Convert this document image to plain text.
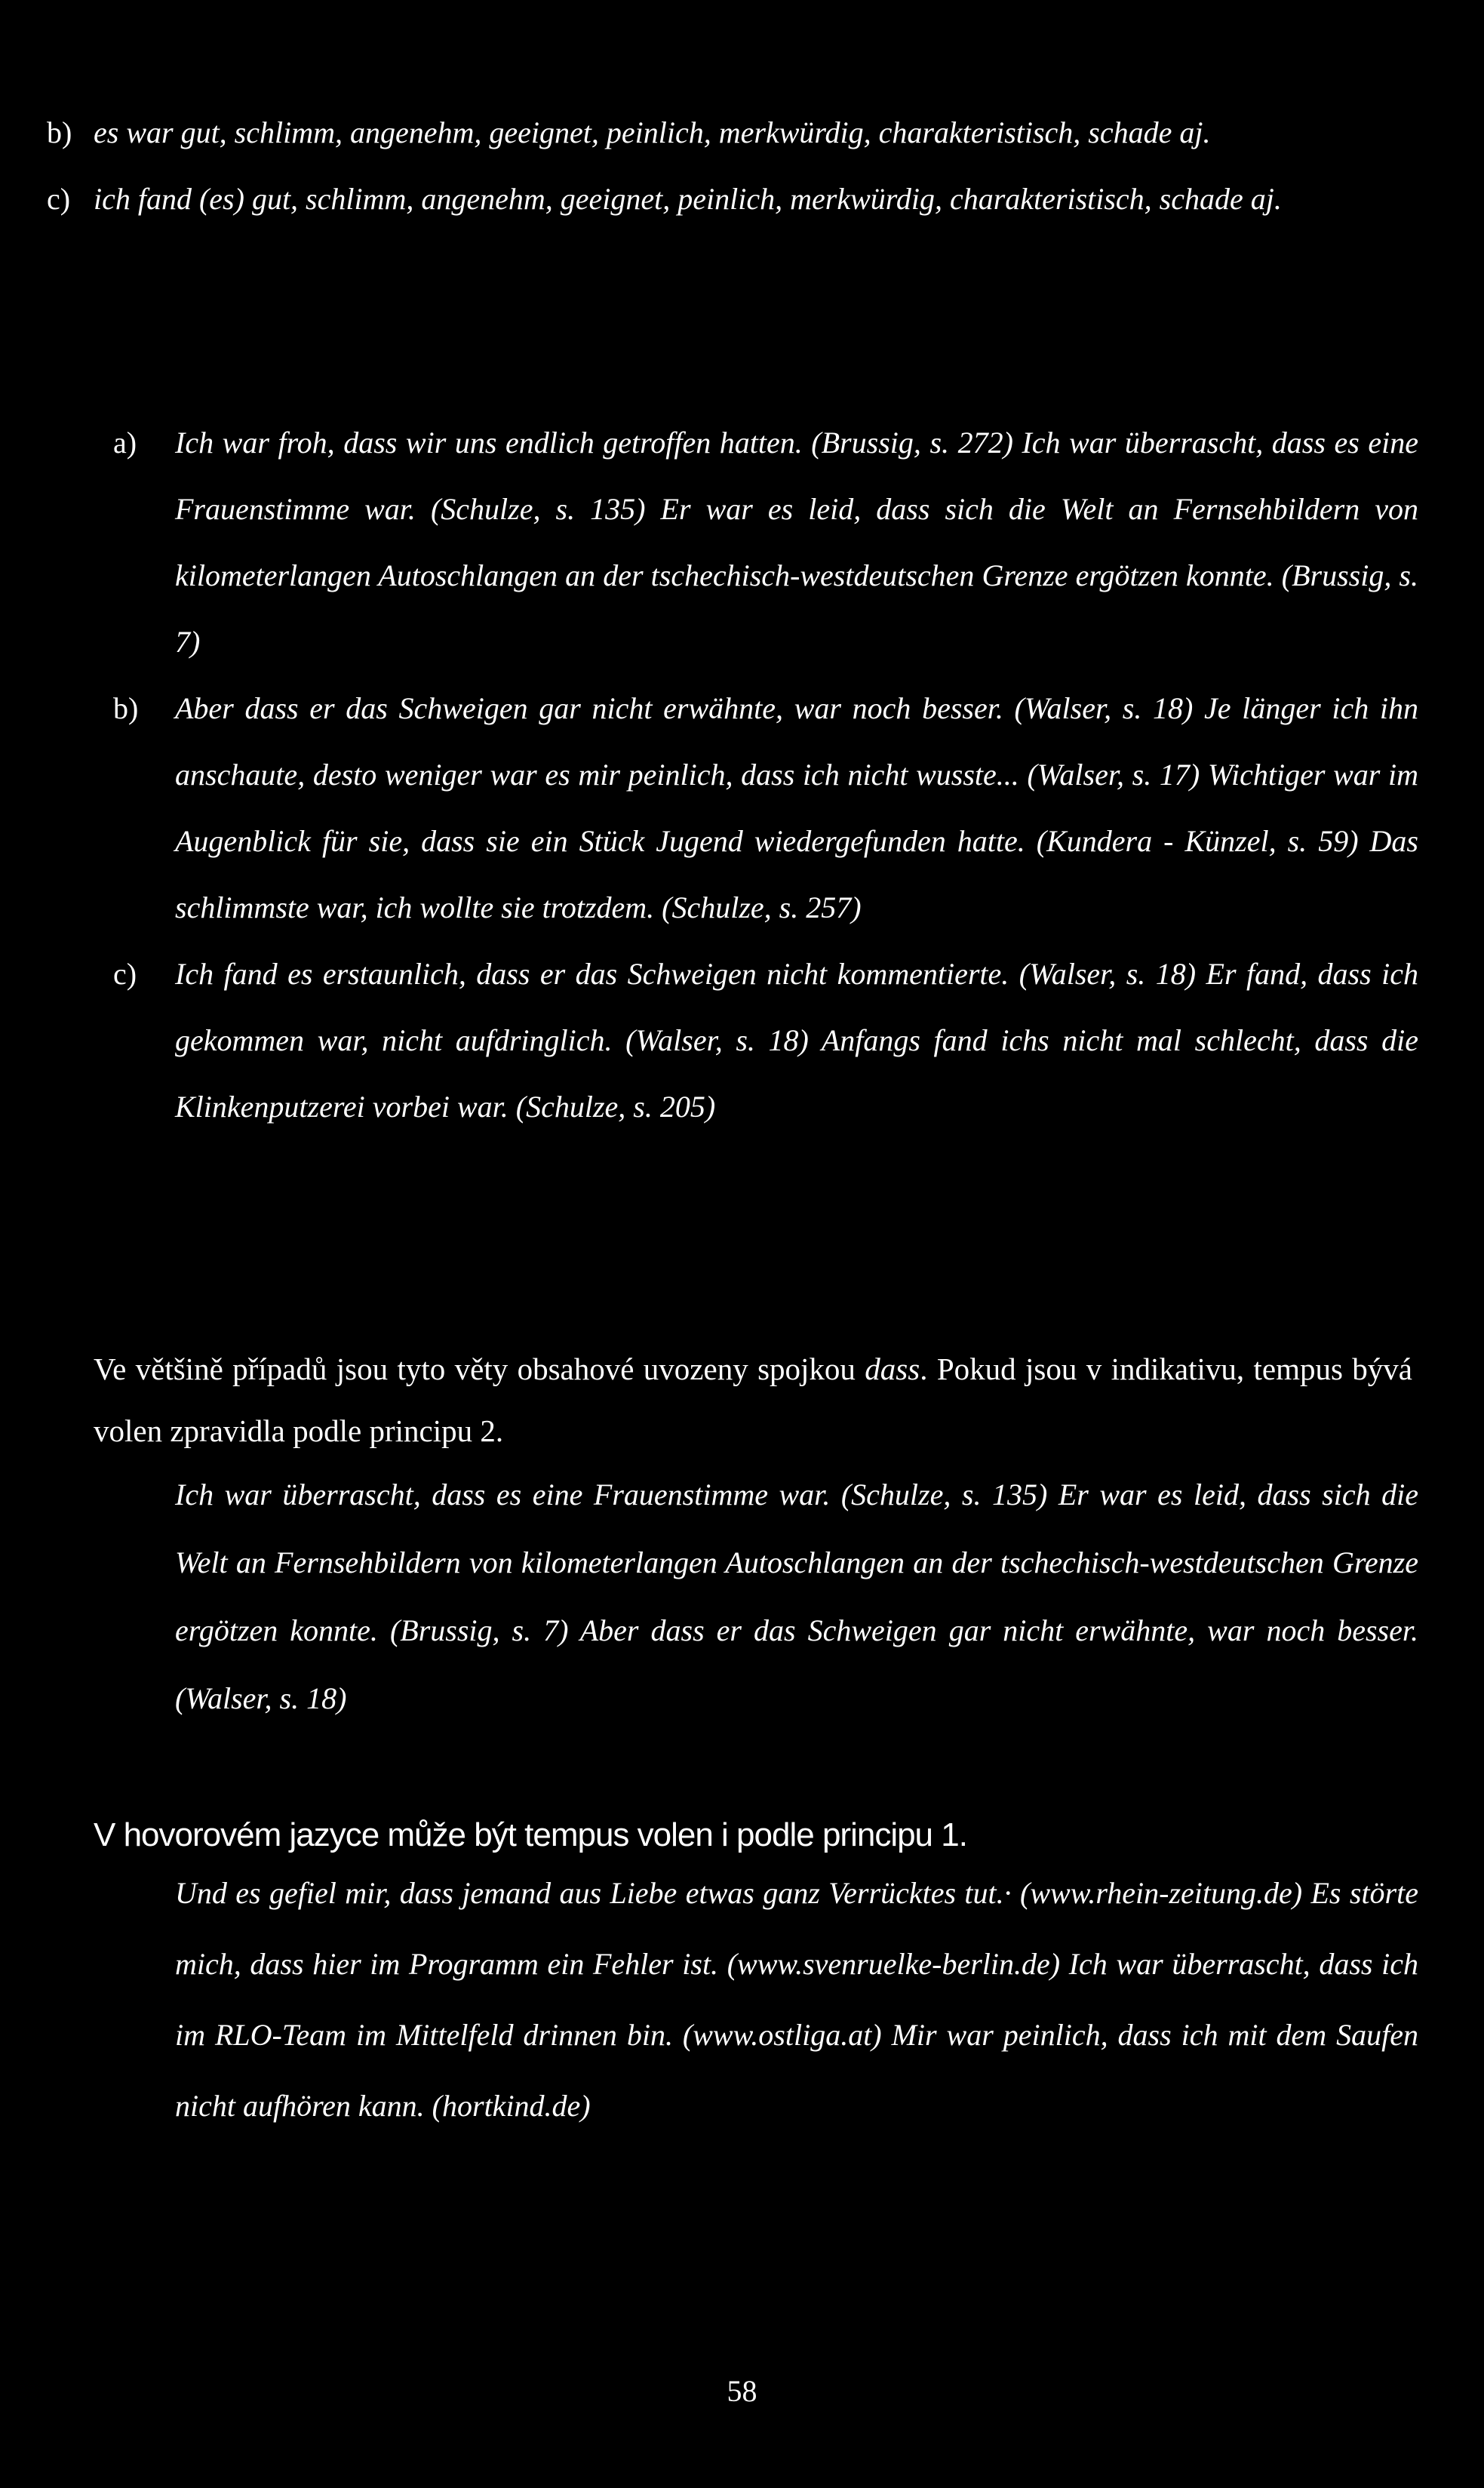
b) es war gut, schlimm, angenehm, geeignet, peinlich, merkwürdig, charakteristisch, schade aj.
c) ich fand (es) gut, schlimm, angenehm, geeignet, peinlich, merkwürdig, charakteristisch, schade aj.
a) Ich war froh, dass wir uns endlich getroffen hatten. (Brussig, s. 272) Ich war überrascht, dass es eine Frauenstimme war. (Schulze, s. 135) Er war es leid, dass sich die Welt an Fernsehbildern von kilometerlangen Autoschlangen an der tschechisch-westdeutschen Grenze ergötzen konnte. (Brussig, s. 7)
b) Aber dass er das Schweigen gar nicht erwähnte, war noch besser. (Walser, s. 18) Je länger ich ihn anschaute, desto weniger war es mir peinlich, dass ich nicht wusste... (Walser, s. 17) Wichtiger war im Augenblick für sie, dass sie ein Stück Jugend wiedergefunden hatte. (Kundera - Künzel, s. 59) Das schlimmste war, ich wollte sie trotzdem. (Schulze, s. 257)
c) Ich fand es erstaunlich, dass er das Schweigen nicht kommentierte. (Walser, s. 18) Er fand, dass ich gekommen war, nicht aufdringlich. (Walser, s. 18) Anfangs fand ichs nicht mal schlecht, dass die Klinkenputzerei vorbei war. (Schulze, s. 205)

Ve většině případů jsou tyto věty obsahové uvozeny spojkou dass. Pokud jsou v indikativu, tempus bývá volen zpravidla podle principu 2.

Ich war überrascht, dass es eine Frauenstimme war. (Schulze, s. 135) Er war es leid, dass sich die Welt an Fernsehbildern von kilometerlangen Autoschlangen an der tschechisch-westdeutschen Grenze ergötzen konnte. (Brussig, s. 7) Aber dass er das Schweigen gar nicht erwähnte, war noch besser. (Walser, s. 18)

V hovorovém jazyce může být tempus volen i podle principu 1.

Und es gefiel mir, dass jemand aus Liebe etwas ganz Verrücktes tut.· (www.rhein-zeitung.de) Es störte mich, dass hier im Programm ein Fehler ist. (www.svenruelke-berlin.de) Ich war überrascht, dass ich im RLO-Team im Mittelfeld drinnen bin. (www.ostliga.at) Mir war peinlich, dass ich mit dem Saufen nicht aufhören kann. (hortkind.de)
58
